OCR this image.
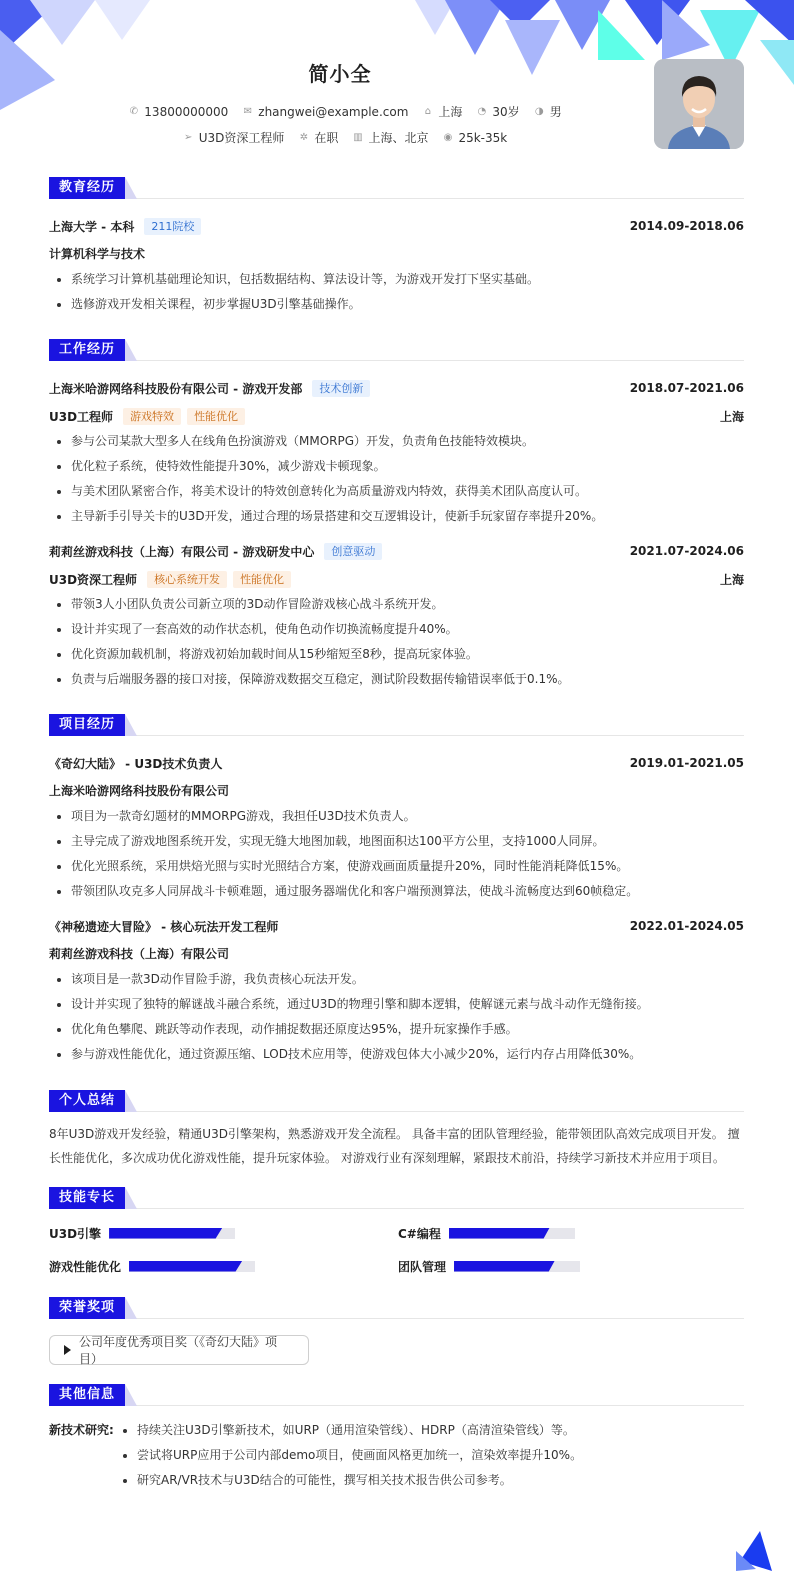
简小全
✆ 13800000000 ✉ zhangwei@example.com ⌂ 上海 ◔ 30岁 ◑ 男
➢ U3D资深工程师 ✲ 在职 ▥ 上海、北京 ◉ 25k-35k
教育经历
上海大学 - 本科	211院校	2014.09-2018.06
计算机科学与技术
• 系统学习计算机基础理论知识，包括数据结构、算法设计等，为游戏开发打下坚实基础。
• 选修游戏开发相关课程，初步掌握U3D引擎基础操作。
工作经历
上海米哈游网络科技股份有限公司 - 游戏开发部	技术创新	2018.07-2021.06
U3D工程师	游戏特效	性能优化	上海
• 参与公司某款大型多人在线角色扮演游戏（MMORPG）开发，负责角色技能特效模块。
• 优化粒子系统，使特效性能提升30%，减少游戏卡顿现象。
• 与美术团队紧密合作，将美术设计的特效创意转化为高质量游戏内特效，获得美术团队高度认可。
• 主导新手引导关卡的U3D开发，通过合理的场景搭建和交互逻辑设计，使新手玩家留存率提升20%。
莉莉丝游戏科技（上海）有限公司 - 游戏研发中心	创意驱动	2021.07-2024.06
U3D资深工程师	核心系统开发	性能优化	上海
• 带领3人小团队负责公司新立项的3D动作冒险游戏核心战斗系统开发。
• 设计并实现了一套高效的动作状态机，使角色动作切换流畅度提升40%。
• 优化资源加载机制，将游戏初始加载时间从15秒缩短至8秒，提高玩家体验。
• 负责与后端服务器的接口对接，保障游戏数据交互稳定，测试阶段数据传输错误率低于0.1%。
项目经历
《奇幻大陆》 - U3D技术负责人	2019.01-2021.05
上海米哈游网络科技股份有限公司
• 项目为一款奇幻题材的MMORPG游戏，我担任U3D技术负责人。
• 主导完成了游戏地图系统开发，实现无缝大地图加载，地图面积达100平方公里，支持1000人同屏。
• 优化光照系统，采用烘焙光照与实时光照结合方案，使游戏画面质量提升20%，同时性能消耗降低15%。
• 带领团队攻克多人同屏战斗卡顿难题，通过服务器端优化和客户端预测算法，使战斗流畅度达到60帧稳定。
《神秘遗迹大冒险》 - 核心玩法开发工程师	2022.01-2024.05
莉莉丝游戏科技（上海）有限公司
• 该项目是一款3D动作冒险手游，我负责核心玩法开发。
• 设计并实现了独特的解谜战斗融合系统，通过U3D的物理引擎和脚本逻辑，使解谜元素与战斗动作无缝衔接。
• 优化角色攀爬、跳跃等动作表现，动作捕捉数据还原度达95%，提升玩家操作手感。
• 参与游戏性能优化，通过资源压缩、LOD技术应用等，使游戏包体大小减少20%，运行内存占用降低30%。
个人总结

8年U3D游戏开发经验，精通U3D引擎架构，熟悉游戏开发全流程。 具备丰富的团队管理经验，能带领团队高效完成项目开发。 擅长性能优化，多次成功优化游戏性能，提升玩家体验。 对游戏行业有深刻理解，紧跟技术前沿，持续学习新技术并应用于项目。

技能专长
U3D引擎	C#编程
游戏性能优化	团队管理
荣誉奖项
公司年度优秀项目奖（《奇幻大陆》项目）
其他信息
新技术研究:
• 持续关注U3D引擎新技术，如URP（通用渲染管线）、HDRP（高清渲染管线）等。
• 尝试将URP应用于公司内部demo项目，使画面风格更加统一，渲染效率提升10%。
• 研究AR/VR技术与U3D结合的可能性，撰写相关技术报告供公司参考。
